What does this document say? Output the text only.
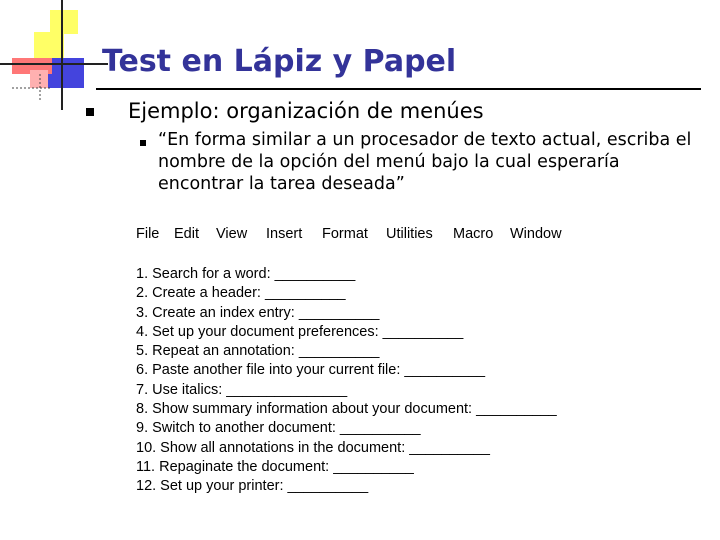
Test en Lápiz y Papel
Ejemplo: organización de menúes
“En forma similar a un procesador de texto actual, escriba el nombre de la opción del menú bajo la cual esperaría encontrar la tarea deseada”
File Edit View Insert Format Utilities Macro Window
1. Search for a word: __________
2. Create a header: __________
3. Create an index entry: __________
4. Set up your document preferences: __________
5. Repeat an annotation: __________
6. Paste another file into your current file: __________
7. Use italics: _______________
8. Show summary information about your document: __________
9. Switch to another document: __________
10. Show all annotations in the document: __________
11. Repaginate the document: __________
12. Set up your printer: __________
